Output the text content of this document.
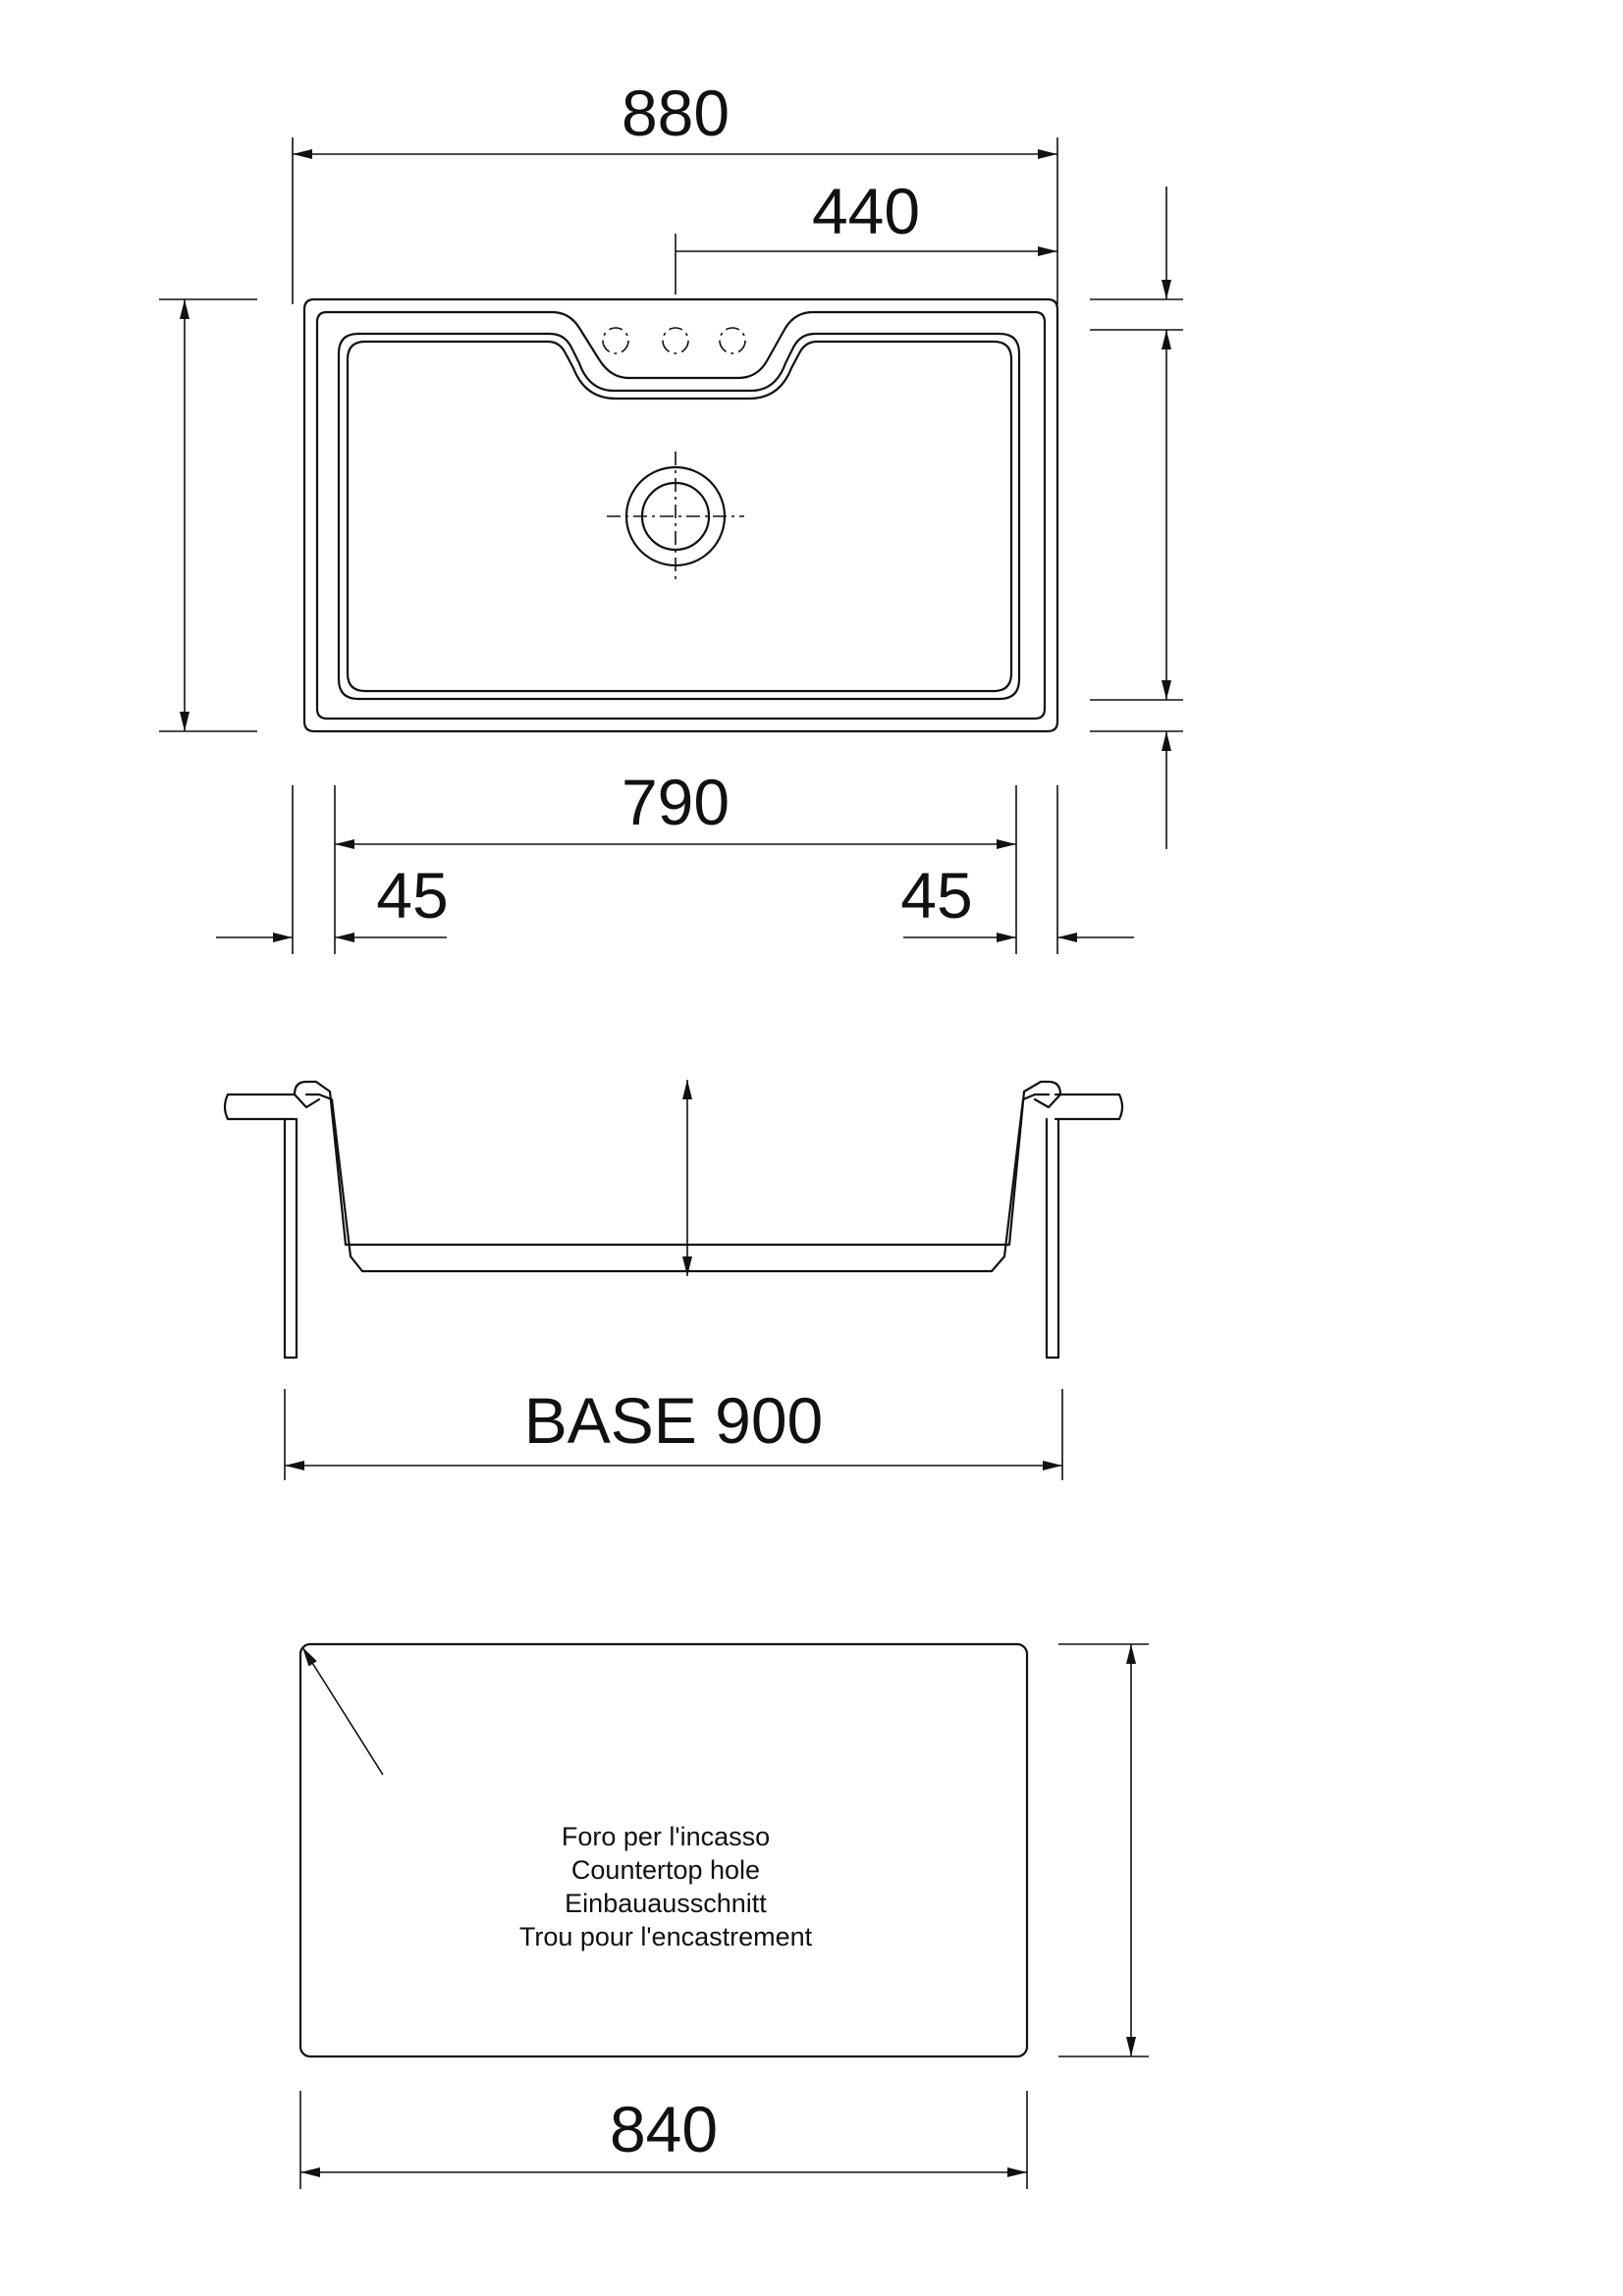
880
440
790
45	45
BASE 900
Foro per l'incasso
Countertop hole
Einbauausschnitt
Trou pour l'encastrement
840
